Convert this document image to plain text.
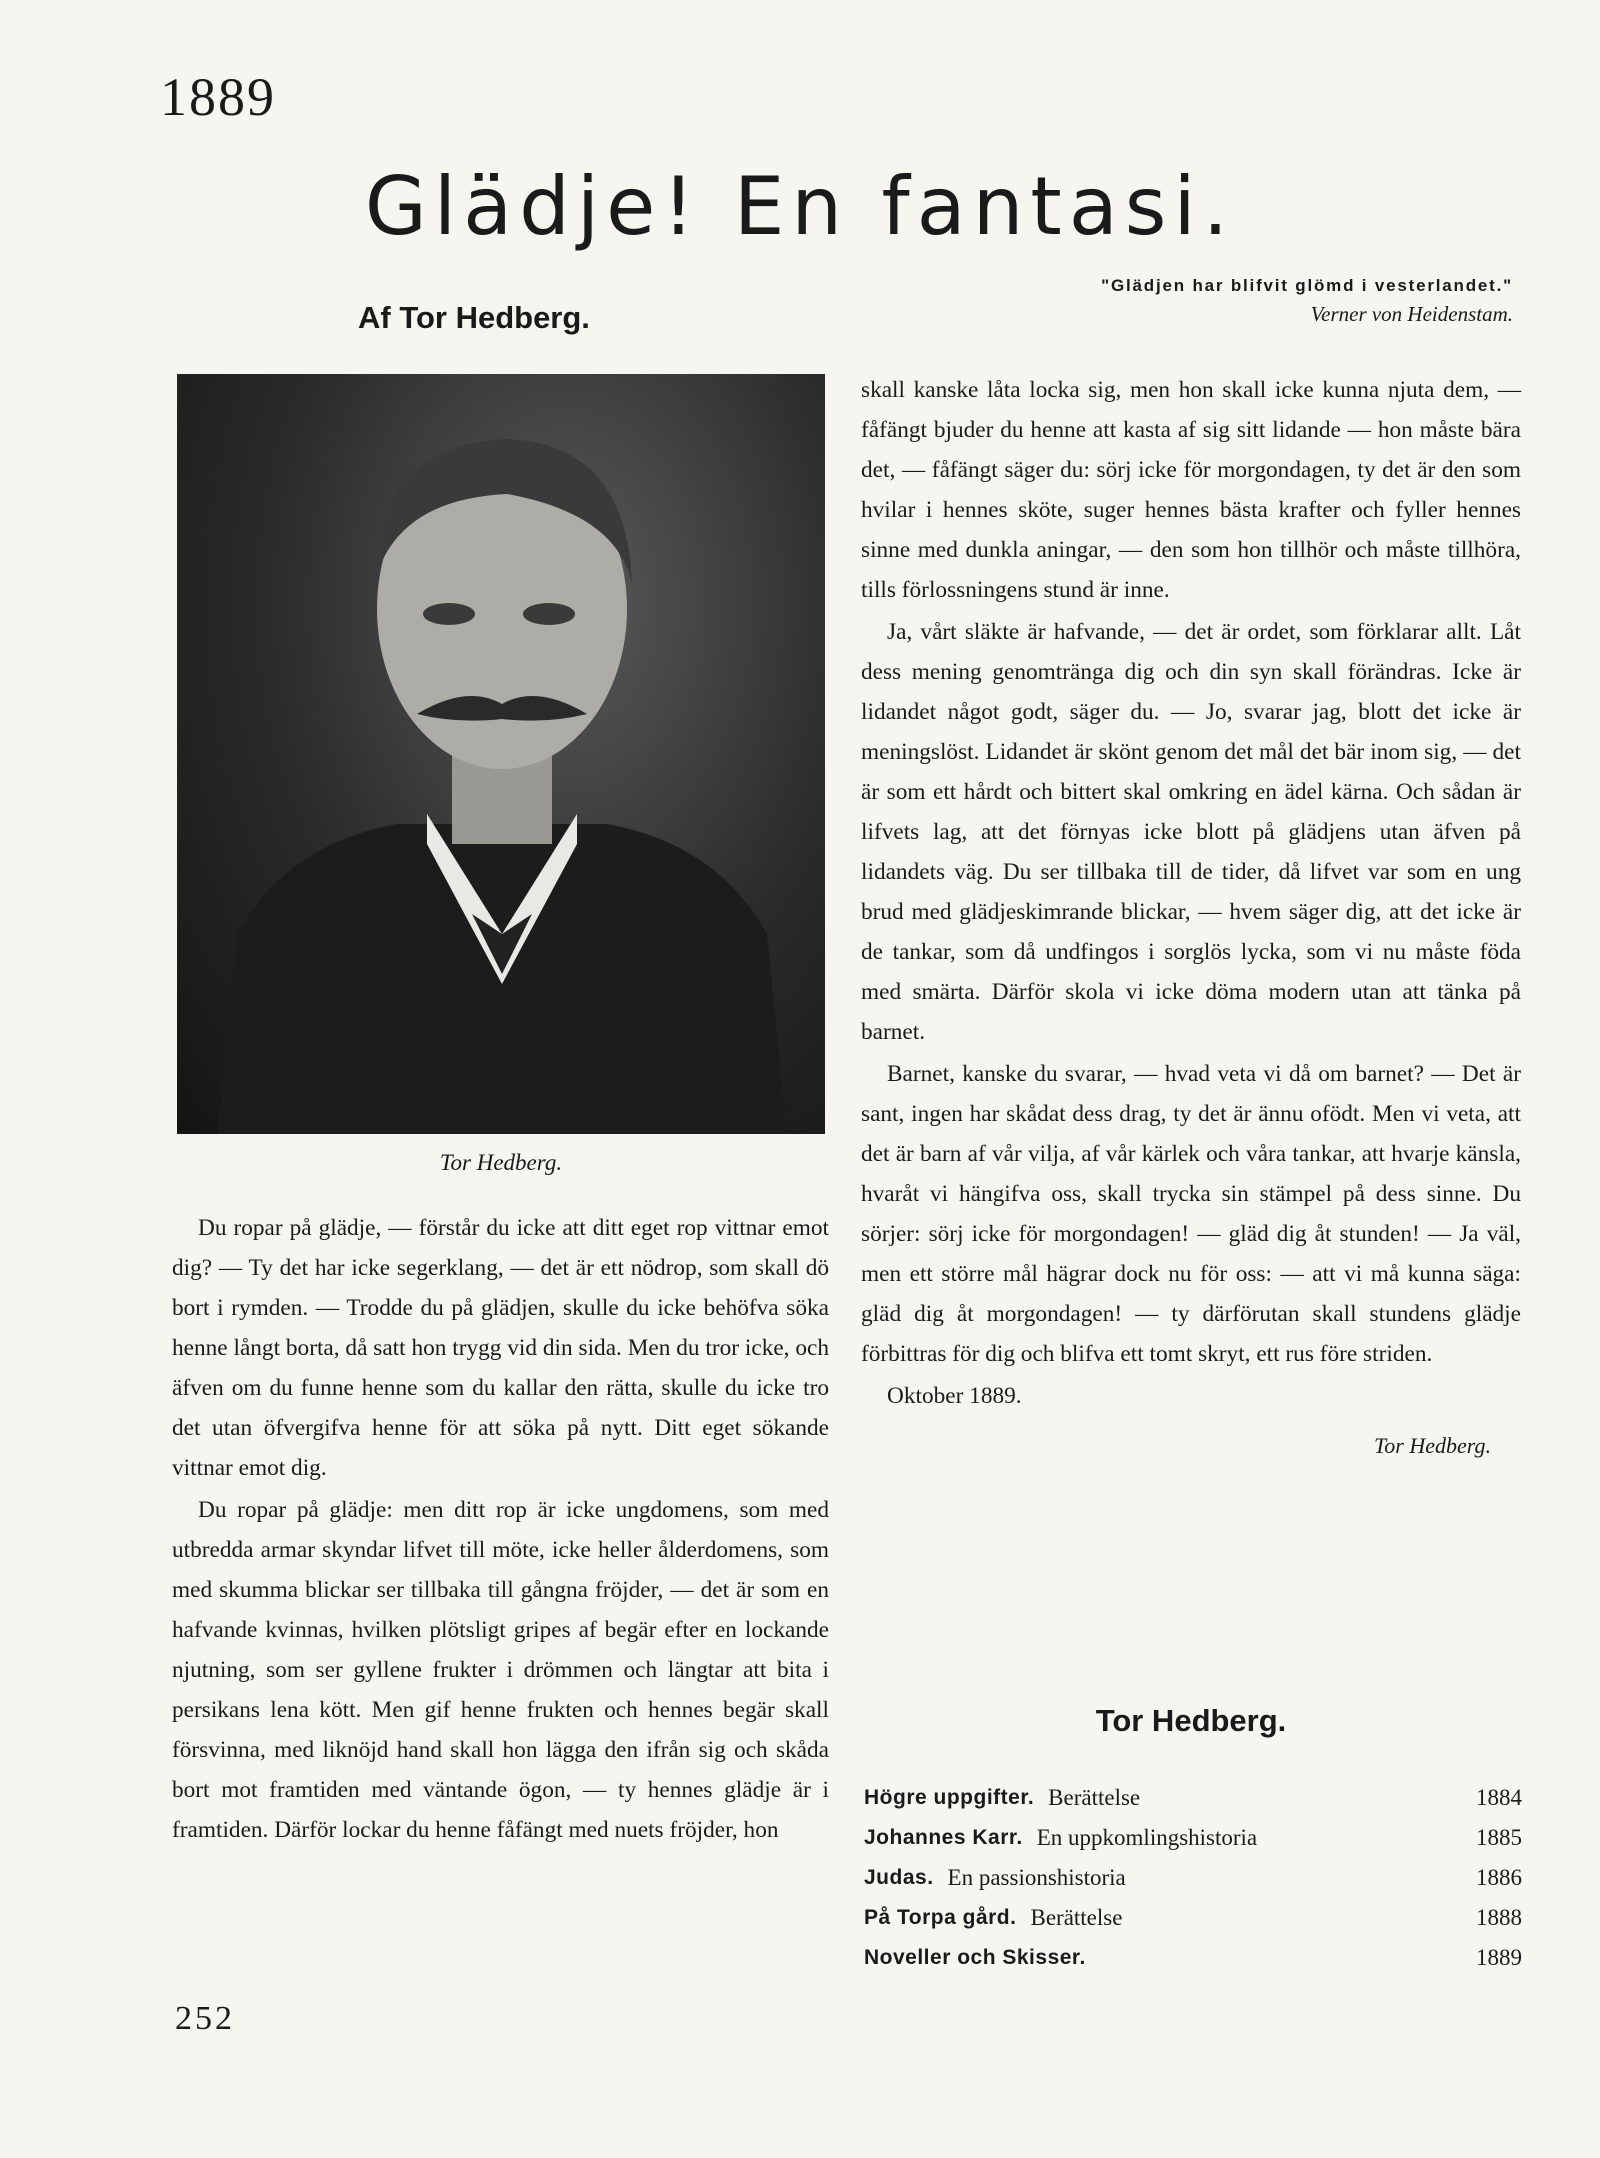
1889
Glädje! En fantasi.
Af Tor Hedberg.
"Glädjen har blifvit glömd i vesterlandet."
Verner von Heidenstam.
Tor Hedberg.

Du ropar på glädje, — förstår du icke att ditt eget rop vittnar emot dig? — Ty det har icke segerklang, — det är ett nödrop, som skall dö bort i rymden. — Trodde du på glädjen, skulle du icke behöfva söka henne långt borta, då satt hon trygg vid din sida. Men du tror icke, och äfven om du funne henne som du kallar den rätta, skulle du icke tro det utan öfvergifva henne för att söka på nytt. Ditt eget sökande vittnar emot dig.

Du ropar på glädje: men ditt rop är icke ungdomens, som med utbredda armar skyndar lifvet till möte, icke heller ålderdomens, som med skumma blickar ser tillbaka till gångna fröjder, — det är som en hafvande kvinnas, hvilken plötsligt gripes af begär efter en lockande njutning, som ser gyllene frukter i drömmen och längtar att bita i persikans lena kött. Men gif henne frukten och hennes begär skall försvinna, med liknöjd hand skall hon lägga den ifrån sig och skåda bort mot framtiden med väntande ögon, — ty hennes glädje är i framtiden. Därför lockar du henne fåfängt med nuets fröjder, hon

skall kanske låta locka sig, men hon skall icke kunna njuta dem, — fåfängt bjuder du henne att kasta af sig sitt lidande — hon måste bära det, — fåfängt säger du: sörj icke för morgondagen, ty det är den som hvilar i hennes sköte, suger hennes bästa krafter och fyller hennes sinne med dunkla aningar, — den som hon tillhör och måste tillhöra, tills förlossningens stund är inne.

Ja, vårt släkte är hafvande, — det är ordet, som förklarar allt. Låt dess mening genomtränga dig och din syn skall förändras. Icke är lidandet något godt, säger du. — Jo, svarar jag, blott det icke är meningslöst. Lidandet är skönt genom det mål det bär inom sig, — det är som ett hårdt och bittert skal omkring en ädel kärna. Och sådan är lifvets lag, att det förnyas icke blott på glädjens utan äfven på lidandets väg. Du ser tillbaka till de tider, då lifvet var som en ung brud med glädjeskimrande blickar, — hvem säger dig, att det icke är de tankar, som då undfingos i sorglös lycka, som vi nu måste föda med smärta. Därför skola vi icke döma modern utan att tänka på barnet.

Barnet, kanske du svarar, — hvad veta vi då om barnet? — Det är sant, ingen har skådat dess drag, ty det är ännu ofödt. Men vi veta, att det är barn af vår vilja, af vår kärlek och våra tankar, att hvarje känsla, hvaråt vi hängifva oss, skall trycka sin stämpel på dess sinne. Du sörjer: sörj icke för morgondagen! — gläd dig åt stunden! — Ja väl, men ett större mål hägrar dock nu för oss: — att vi må kunna säga: gläd dig åt morgondagen! — ty därförutan skall stundens glädje förbittras för dig och blifva ett tomt skryt, ett rus före striden.

Oktober 1889.

Tor Hedberg.
Tor Hedberg.
Högre uppgifter. Berättelse	1884
Johannes Karr. En uppkomlingshistoria	1885
Judas. En passionshistoria	1886
På Torpa gård. Berättelse	1888
Noveller och Skisser.	1889
252
